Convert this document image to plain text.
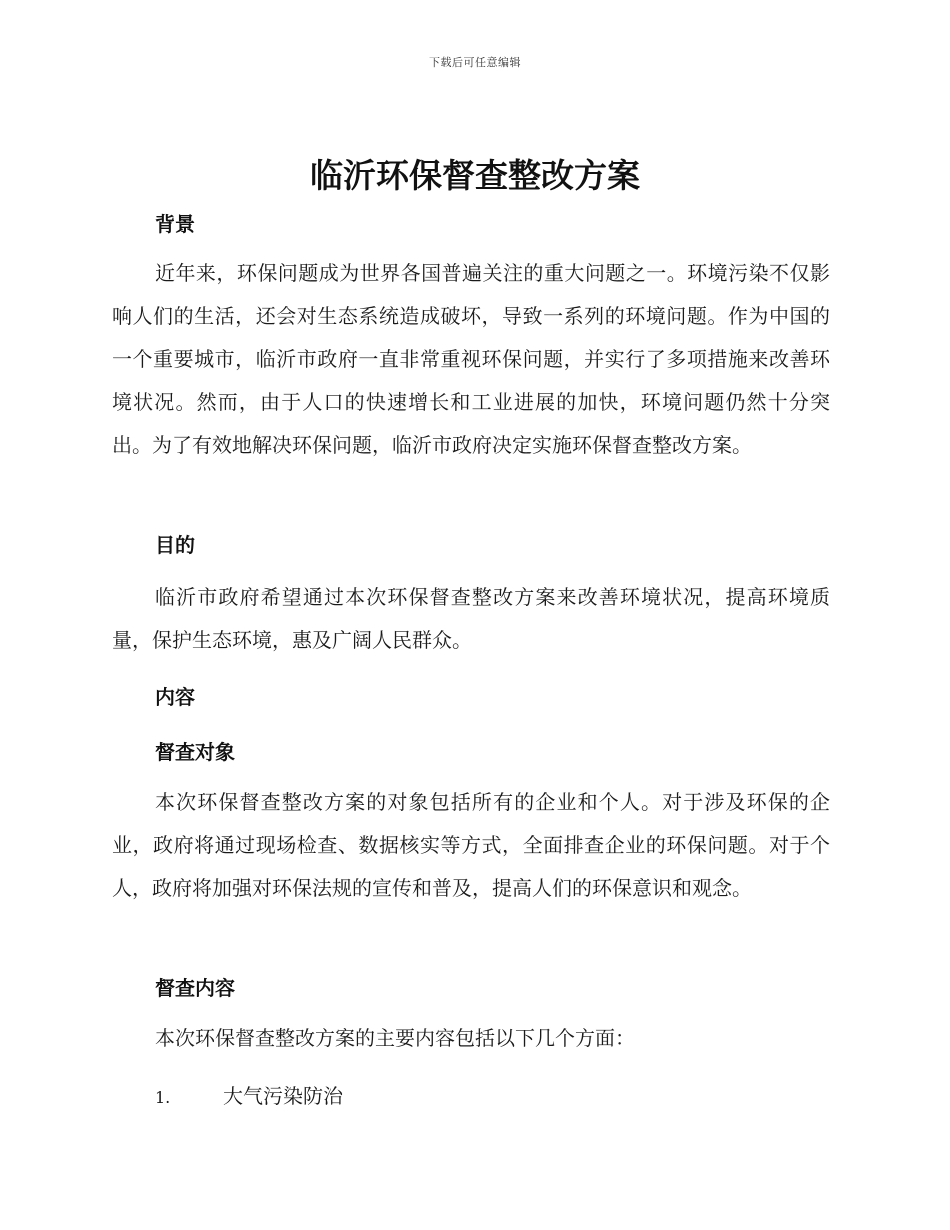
下载后可任意编辑
临沂环保督查整改方案
背景

近年来，环保问题成为世界各国普遍关注的重大问题之一。环境污染不仅影响人们的生活，还会对生态系统造成破坏，导致一系列的环境问题。作为中国的一个重要城市，临沂市政府一直非常重视环保问题，并实行了多项措施来改善环境状况。然而，由于人口的快速增长和工业进展的加快，环境问题仍然十分突出。为了有效地解决环保问题，临沂市政府决定实施环保督查整改方案。

目的

临沂市政府希望通过本次环保督查整改方案来改善环境状况，提高环境质量，保护生态环境，惠及广阔人民群众。

内容
督查对象

本次环保督查整改方案的对象包括所有的企业和个人。对于涉及环保的企业，政府将通过现场检查、数据核实等方式，全面排查企业的环保问题。对于个人，政府将加强对环保法规的宣传和普及，提高人们的环保意识和观念。

督查内容

本次环保督查整改方案的主要内容包括以下几个方面：

1.	大气污染防治
